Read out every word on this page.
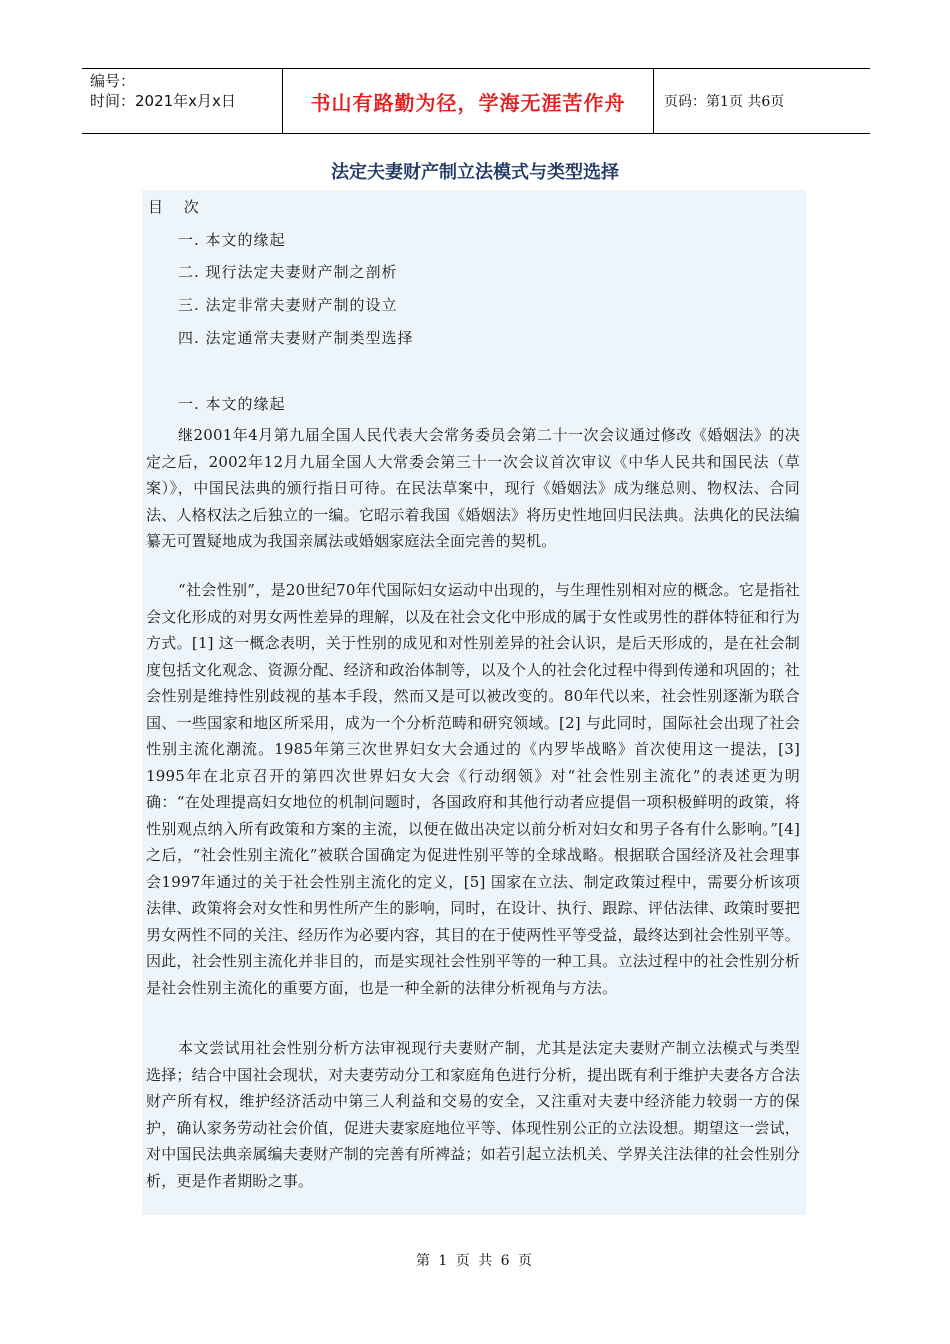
编号：
时间：2021年x月x日	书山有路勤为径，学海无涯苦作舟	页码：第1页 共6页
法定夫妻财产制立法模式与类型选择
目 次
一. 本文的缘起
二. 现行法定夫妻财产制之剖析
三. 法定非常夫妻财产制的设立
四. 法定通常夫妻财产制类型选择
一. 本文的缘起

继2001年4月第九届全国人民代表大会常务委员会第二十一次会议通过修改《婚姻法》的决定之后，2002年12月九届全国人大常委会第三十一次会议首次审议《中华人民共和国民法（草案）》，中国民法典的颁行指日可待。在民法草案中，现行《婚姻法》成为继总则、物权法、合同法、人格权法之后独立的一编。它昭示着我国《婚姻法》将历史性地回归民法典。法典化的民法编纂无可置疑地成为我国亲属法或婚姻家庭法全面完善的契机。

“社会性别”，是20世纪70年代国际妇女运动中出现的，与生理性别相对应的概念。它是指社会文化形成的对男女两性差异的理解，以及在社会文化中形成的属于女性或男性的群体特征和行为方式。[1] 这一概念表明，关于性别的成见和对性别差异的社会认识，是后天形成的，是在社会制度包括文化观念、资源分配、经济和政治体制等，以及个人的社会化过程中得到传递和巩固的；社会性别是维持性别歧视的基本手段，然而又是可以被改变的。80年代以来，社会性别逐渐为联合国、一些国家和地区所采用，成为一个分析范畴和研究领域。[2] 与此同时，国际社会出现了社会性别主流化潮流。1985年第三次世界妇女大会通过的《内罗毕战略》首次使用这一提法，[3] 1995年在北京召开的第四次世界妇女大会《行动纲领》对“社会性别主流化”的表述更为明确：“在处理提高妇女地位的机制问题时，各国政府和其他行动者应提倡一项积极鲜明的政策，将性别观点纳入所有政策和方案的主流，以便在做出决定以前分析对妇女和男子各有什么影响。”[4] 之后，“社会性别主流化”被联合国确定为促进性别平等的全球战略。根据联合国经济及社会理事会1997年通过的关于社会性别主流化的定义，[5] 国家在立法、制定政策过程中，需要分析该项法律、政策将会对女性和男性所产生的影响，同时，在设计、执行、跟踪、评估法律、政策时要把男女两性不同的关注、经历作为必要内容，其目的在于使两性平等受益，最终达到社会性别平等。因此，社会性别主流化并非目的，而是实现社会性别平等的一种工具。立法过程中的社会性别分析是社会性别主流化的重要方面，也是一种全新的法律分析视角与方法。

本文尝试用社会性别分析方法审视现行夫妻财产制，尤其是法定夫妻财产制立法模式与类型选择；结合中国社会现状，对夫妻劳动分工和家庭角色进行分析，提出既有利于维护夫妻各方合法财产所有权，维护经济活动中第三人利益和交易的安全，又注重对夫妻中经济能力较弱一方的保护，确认家务劳动社会价值，促进夫妻家庭地位平等、体现性别公正的立法设想。期望这一尝试，对中国民法典亲属编夫妻财产制的完善有所裨益；如若引起立法机关、学界关注法律的社会性别分析，更是作者期盼之事。

第 1 页 共 6 页
